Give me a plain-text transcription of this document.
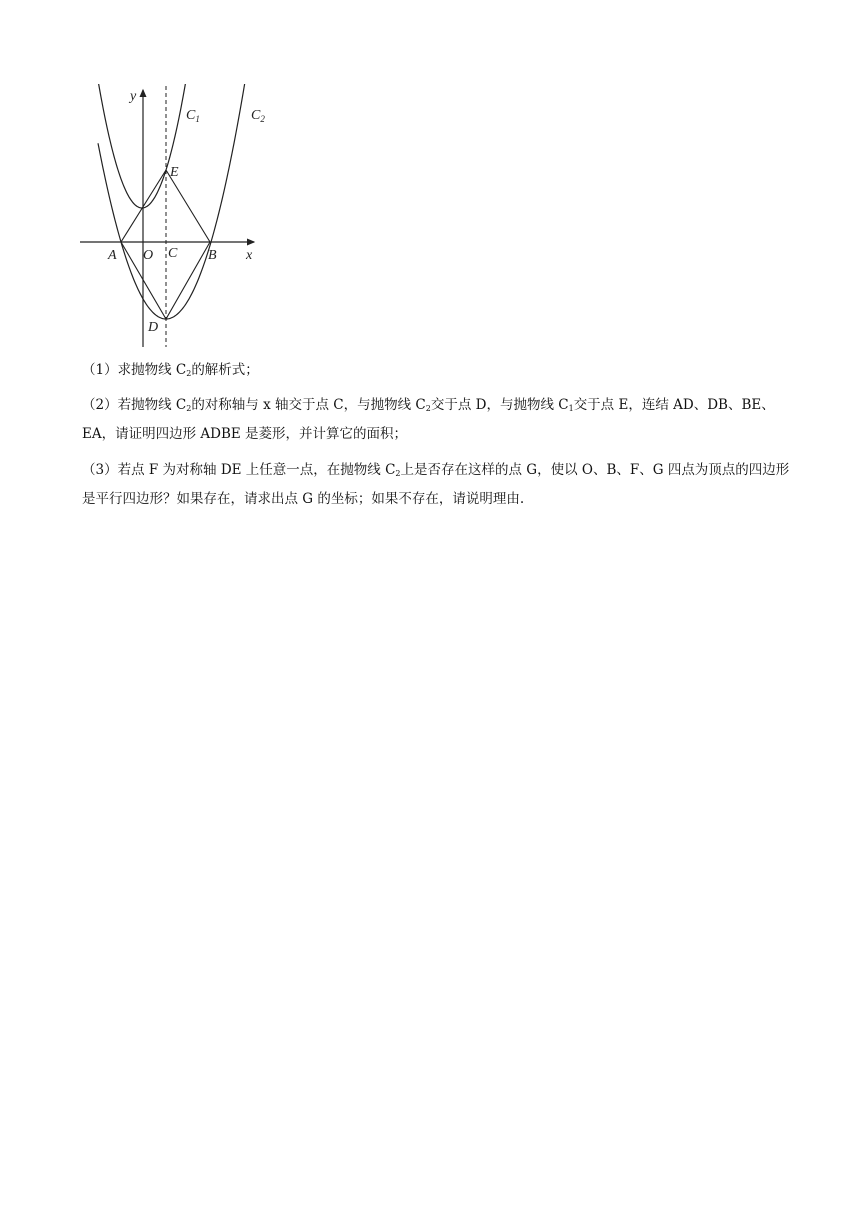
y
x
$C_1$	$C_2$
E
A O C B
D

（1）求抛物线 $C_2$的解析式；

（2）若抛物线 $C_2$的对称轴与 x 轴交于点 C，与抛物线 $C_2$交于点 D，与抛物线 $C_1$交于点 E，连结 AD、DB、BE、EA，请证明四边形 ADBE 是菱形，并计算它的面积；

（3）若点 F 为对称轴 DE 上任意一点，在抛物线 $C_2$上是否存在这样的点 G，使以 O、B、F、G 四点为顶点的四边形是平行四边形？如果存在，请求出点 G 的坐标；如果不存在，请说明理由.
